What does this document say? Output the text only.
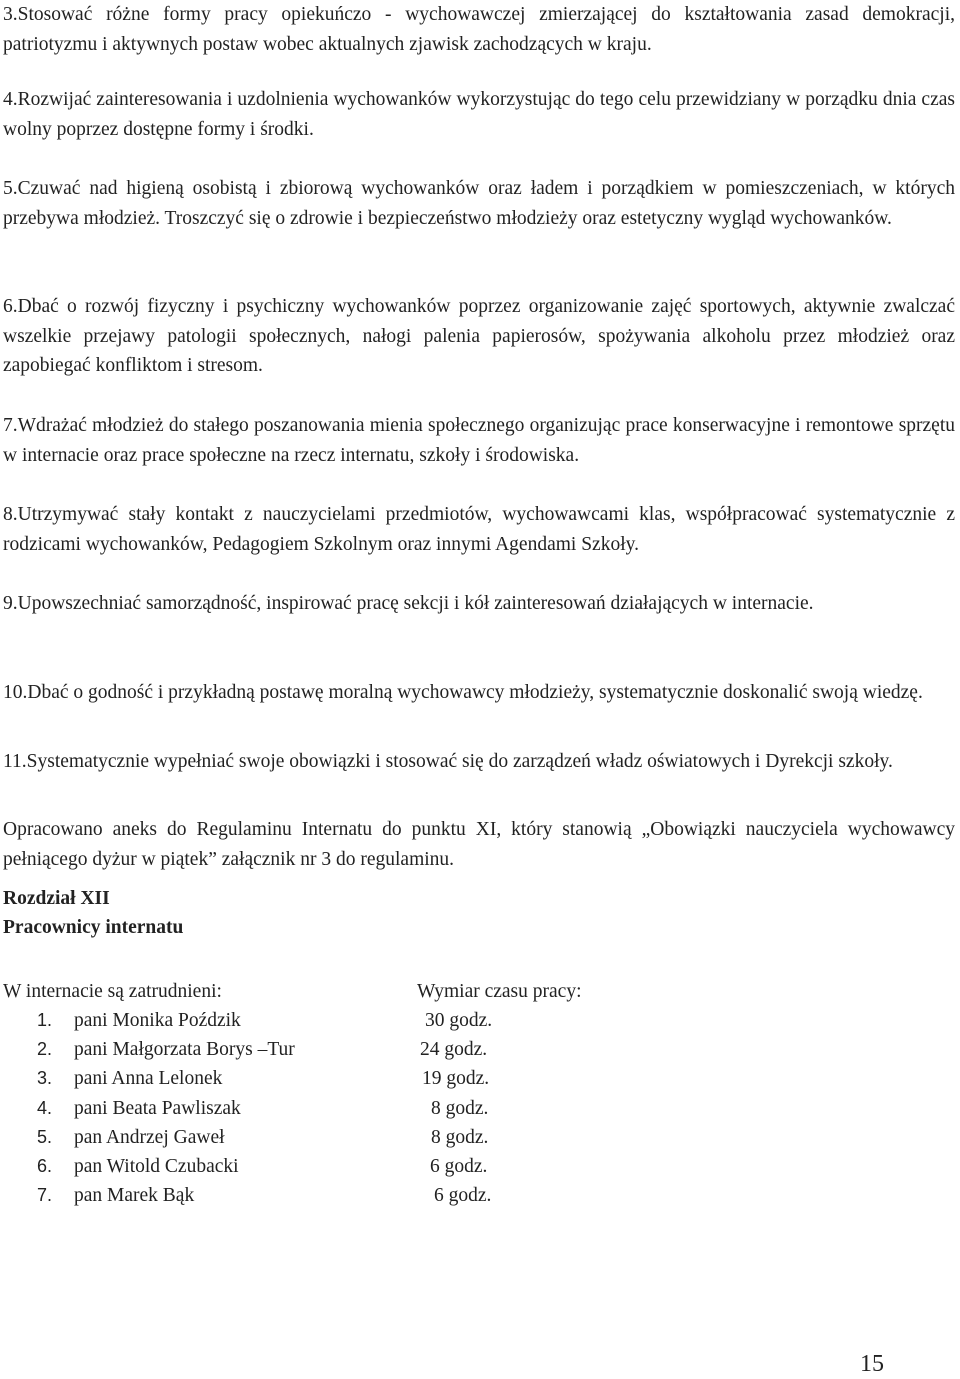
3.Stosować różne formy pracy opiekuńczo - wychowawczej zmierzającej do kształtowania zasad demokracji, patriotyzmu i aktywnych postaw wobec aktualnych zjawisk zachodzących w kraju.

4.Rozwijać zainteresowania i uzdolnienia wychowanków wykorzystując do tego celu przewidziany w porządku dnia czas wolny poprzez dostępne formy i środki.

5.Czuwać nad higieną osobistą i zbiorową wychowanków oraz ładem i porządkiem w pomieszczeniach, w których przebywa młodzież. Troszczyć się o zdrowie i bezpieczeństwo młodzieży oraz estetyczny wygląd wychowanków.

6.Dbać o rozwój fizyczny i psychiczny wychowanków poprzez organizowanie zajęć sportowych, aktywnie zwalczać wszelkie przejawy patologii społecznych, nałogi palenia papierosów, spożywania alkoholu przez młodzież oraz zapobiegać konfliktom i stresom.

7.Wdrażać młodzież do stałego poszanowania mienia społecznego organizując prace konserwacyjne i remontowe sprzętu w internacie oraz prace społeczne na rzecz internatu, szkoły i środowiska.

8.Utrzymywać stały kontakt z nauczycielami przedmiotów, wychowawcami klas, współpracować systematycznie z rodzicami wychowanków, Pedagogiem Szkolnym oraz innymi Agendami Szkoły.

9.Upowszechniać samorządność, inspirować pracę sekcji i kół zainteresowań działających w internacie.

10.Dbać o godność i przykładną postawę moralną wychowawcy młodzieży, systematycznie doskonalić swoją wiedzę.

11.Systematycznie wypełniać swoje obowiązki i stosować się do zarządzeń władz oświatowych i Dyrekcji szkoły.

Opracowano aneks do Regulaminu Internatu do punktu XI, który stanowią „Obowiązki nauczyciela wychowawcy pełniącego dyżur w piątek” załącznik nr 3 do regulaminu.

Rozdział XII

Pracownicy internatu

W internacie są zatrudnieni:	Wymiar czasu pracy:
1. pani Monika Poździk	30 godz.
2. pani Małgorzata Borys –Tur	24 godz.
3. pani Anna Lelonek	19 godz.
4. pani Beata Pawliszak	8 godz.
5. pan Andrzej Gaweł	8 godz.
6. pan Witold Czubacki	6 godz.
7. pan Marek Bąk	6 godz.
15
